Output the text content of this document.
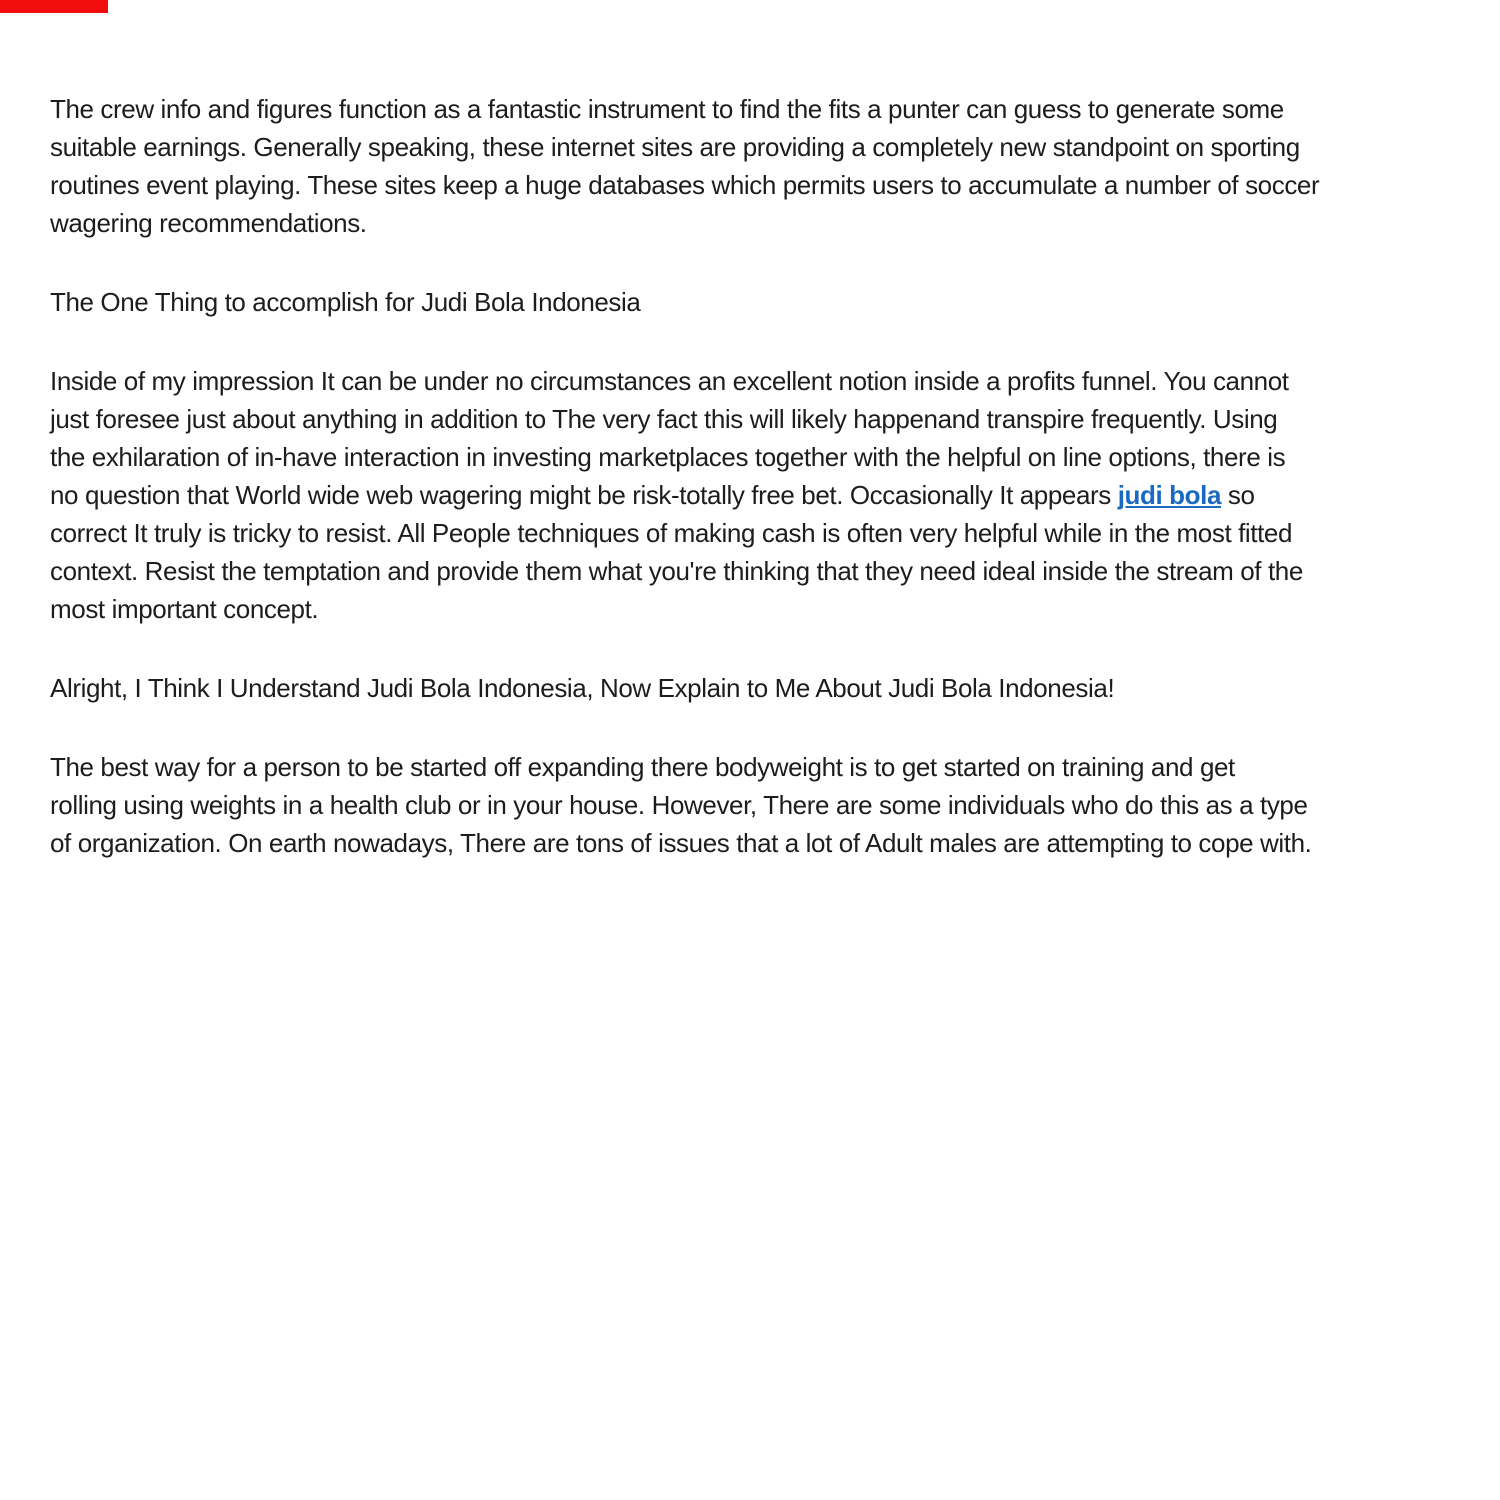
The crew info and figures function as a fantastic instrument to find the fits a punter can guess to generate some
suitable earnings. Generally speaking, these internet sites are providing a completely new standpoint on sporting
routines event playing. These sites keep a huge databases which permits users to accumulate a number of soccer
wagering recommendations.
The One Thing to accomplish for Judi Bola Indonesia
Inside of my impression It can be under no circumstances an excellent notion inside a profits funnel. You cannot
just foresee just about anything in addition to The very fact this will likely happenand transpire frequently. Using
the exhilaration of in-have interaction in investing marketplaces together with the helpful on line options, there is
no question that World wide web wagering might be risk-totally free bet. Occasionally It appears judi bola so
correct It truly is tricky to resist. All People techniques of making cash is often very helpful while in the most fitted
context. Resist the temptation and provide them what you're thinking that they need ideal inside the stream of the
most important concept.
Alright, I Think I Understand Judi Bola Indonesia, Now Explain to Me About Judi Bola Indonesia!
The best way for a person to be started off expanding there bodyweight is to get started on training and get
rolling using weights in a health club or in your house. However, There are some individuals who do this as a type
of organization. On earth nowadays, There are tons of issues that a lot of Adult males are attempting to cope with.
